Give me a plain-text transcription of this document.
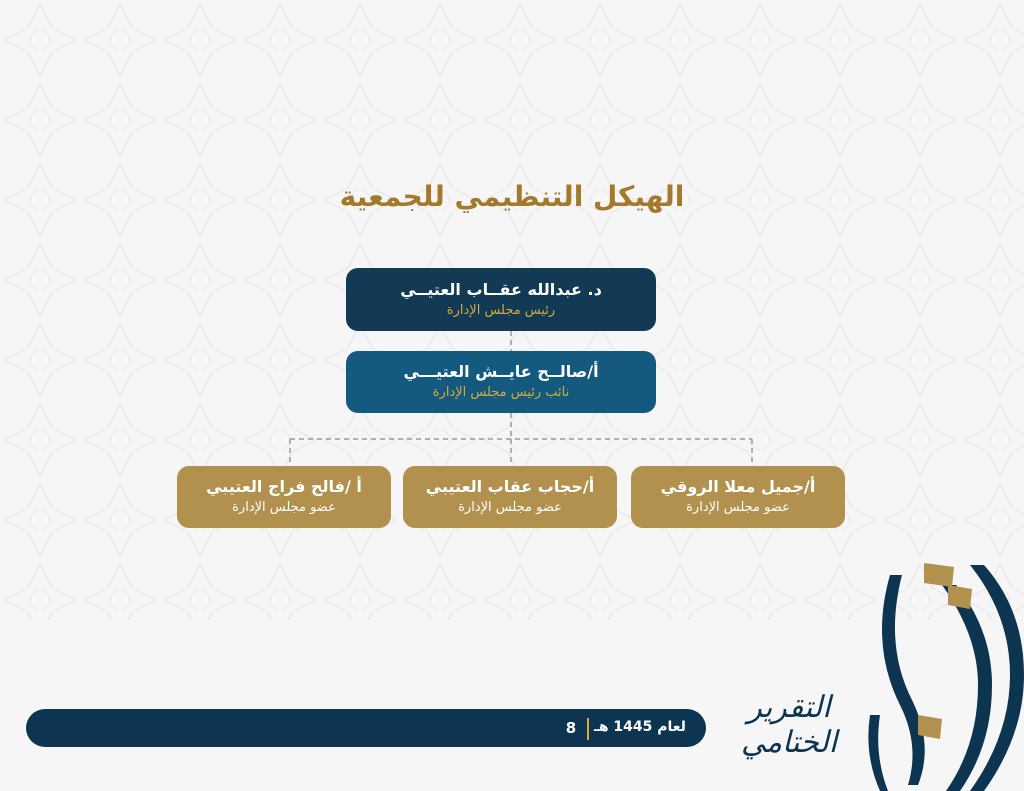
الهيكل التنظيمي للجمعية
د. عبدالله عقــاب العتيــي
رئيس مجلس الإدارة
أ/صالــح عايــش العتيـــي
نائب رئيس مجلس الإدارة
أ/جميل معلا الروقي
عضو مجلس الإدارة
أ/حجاب عقاب العتيبي
عضو مجلس الإدارة
أ /فالح فراج العتيبي
عضو مجلس الإدارة
لعام 1445 هـ
8
التقرير الختامي
